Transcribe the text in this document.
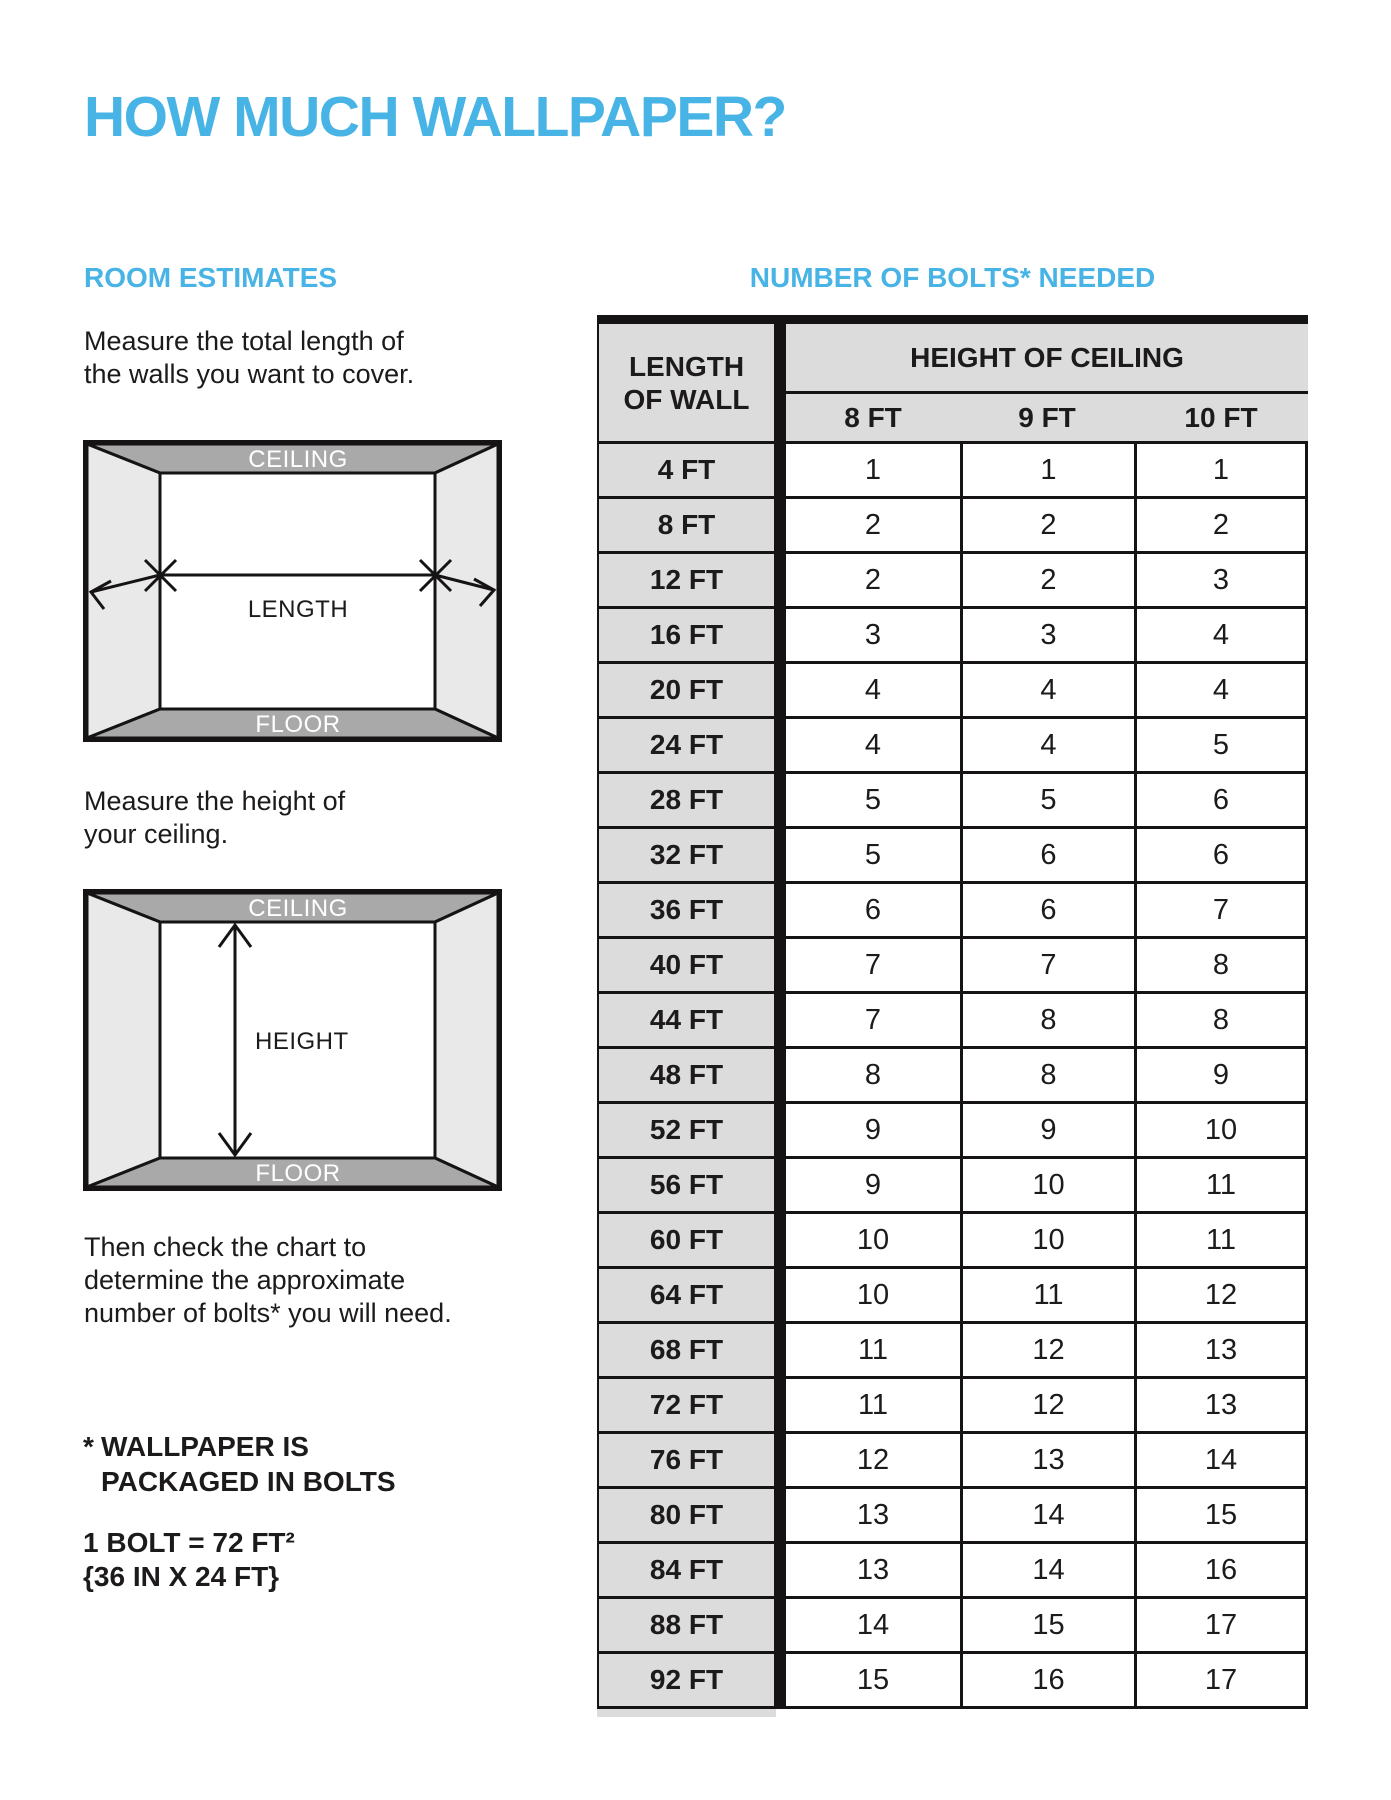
HOW MUCH WALLPAPER?
ROOM ESTIMATES

Measure the total length of
the walls you want to cover.

CEILING
FLOOR
LENGTH

Measure the height of
your ceiling.

CEILING
FLOOR
HEIGHT

Then check the chart to
determine the approximate
number of bolts* you will need.

* WALLPAPER IS
PACKAGED IN BOLTS

1 BOLT = 72 FT²
{36 IN X 24 FT}

NUMBER OF BOLTS* NEEDED
LENGTH
OF WALL
HEIGHT OF CEILING
8 FT	9 FT	10 FT
4 FT	1	1	1
8 FT	2	2	2
12 FT	2	2	3
16 FT	3	3	4
20 FT	4	4	4
24 FT	4	4	5
28 FT	5	5	6
32 FT	5	6	6
36 FT	6	6	7
40 FT	7	7	8
44 FT	7	8	8
48 FT	8	8	9
52 FT	9	9	10
56 FT	9	10	11
60 FT	10	10	11
64 FT	10	11	12
68 FT	11	12	13
72 FT	11	12	13
76 FT	12	13	14
80 FT	13	14	15
84 FT	13	14	16
88 FT	14	15	17
92 FT	15	16	17
